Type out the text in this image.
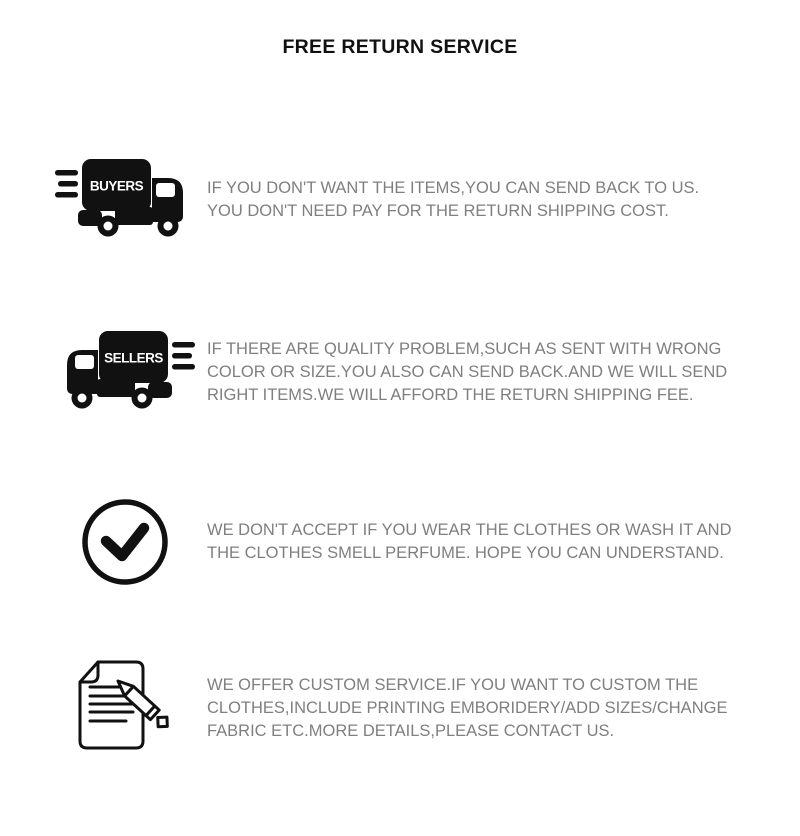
FREE RETURN SERVICE
BUYERS	IF YOU DON'T WANT THE ITEMS,YOU CAN SEND BACK TO US.
YOU DON'T NEED PAY FOR THE RETURN SHIPPING COST.
SELLERS
IF THERE ARE QUALITY PROBLEM,SUCH AS SENT WITH WRONG
COLOR OR SIZE.YOU ALSO CAN SEND BACK.AND WE WILL SEND
RIGHT ITEMS.WE WILL AFFORD THE RETURN SHIPPING FEE.
WE DON'T ACCEPT IF YOU WEAR THE CLOTHES OR WASH IT AND
THE CLOTHES SMELL PERFUME. HOPE YOU CAN UNDERSTAND.
WE OFFER CUSTOM SERVICE.IF YOU WANT TO CUSTOM THE
CLOTHES,INCLUDE PRINTING EMBORIDERY/ADD SIZES/CHANGE
FABRIC ETC.MORE DETAILS,PLEASE CONTACT US.
